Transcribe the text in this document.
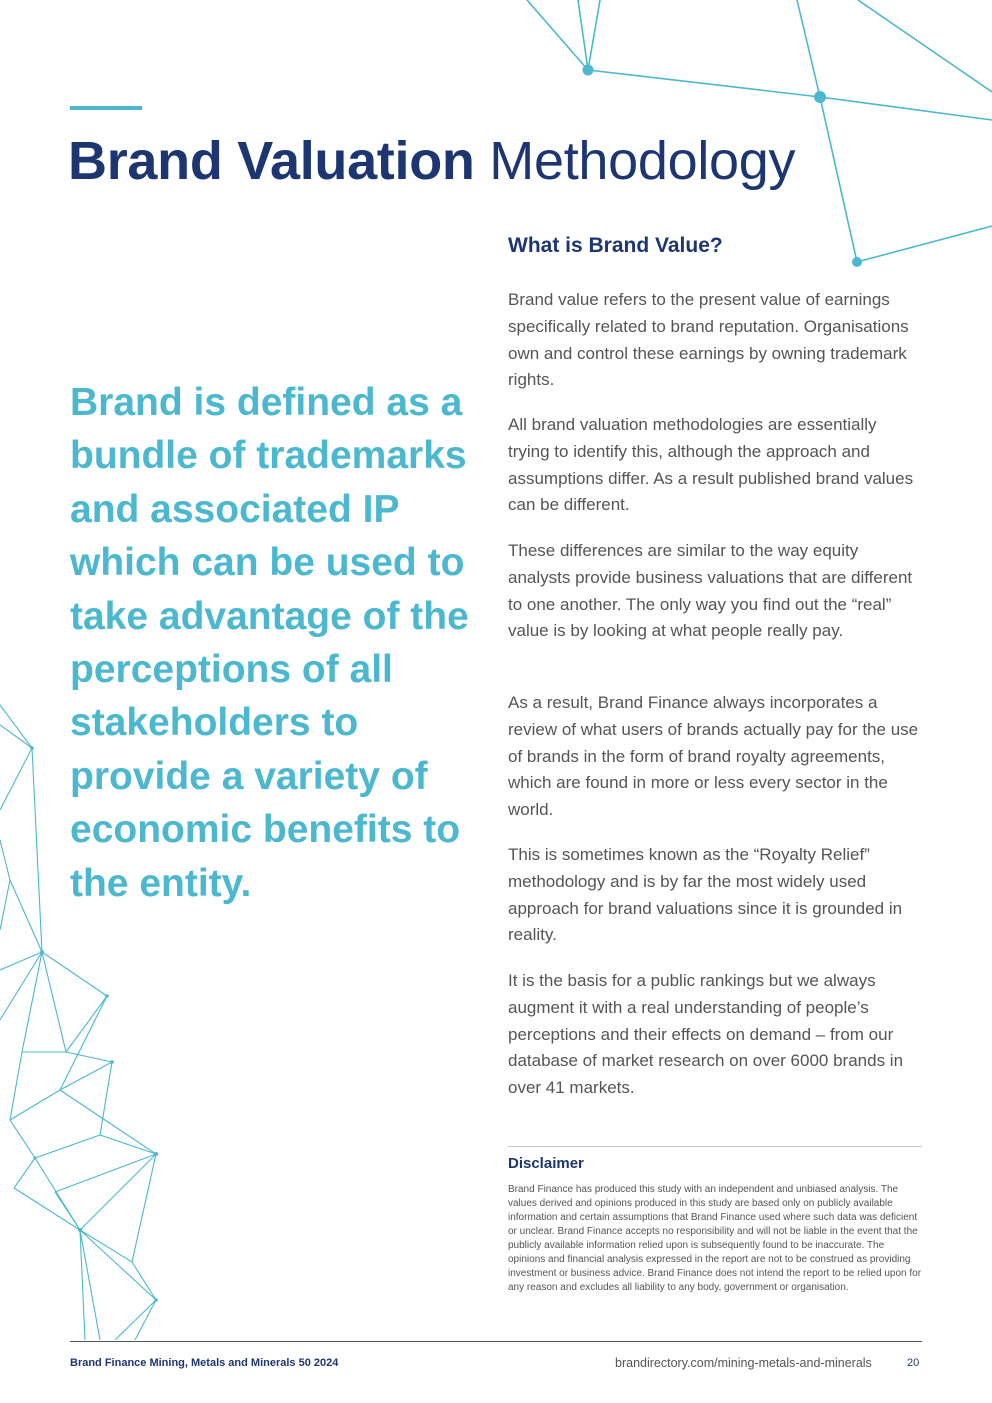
Brand Valuation Methodology

Brand is defined as a bundle of trademarks and associated IP which can be used to take advantage of the perceptions of all stakeholders to provide a variety of economic benefits to the entity.

What is Brand Value?

Brand value refers to the present value of earnings specifically related to brand reputation. Organisations own and control these earnings by owning trademark rights.

All brand valuation methodologies are essentially trying to identify this, although the approach and assumptions differ. As a result published brand values can be different.

These differences are similar to the way equity analysts provide business valuations that are different to one another. The only way you find out the “real” value is by looking at what people really pay.

As a result, Brand Finance always incorporates a review of what users of brands actually pay for the use of brands in the form of brand royalty agreements, which are found in more or less every sector in the world.

This is sometimes known as the “Royalty Relief” methodology and is by far the most widely used approach for brand valuations since it is grounded in reality.

It is the basis for a public rankings but we always augment it with a real understanding of people’s perceptions and their effects on demand – from our database of market research on over 6000 brands in over 41 markets.

Disclaimer

Brand Finance has produced this study with an independent and unbiased analysis. The values derived and opinions produced in this study are based only on publicly available information and certain assumptions that Brand Finance used where such data was deficient or unclear. Brand Finance accepts no responsibility and will not be liable in the event that the publicly available information relied upon is subsequently found to be inaccurate. The opinions and financial analysis expressed in the report are not to be construed as providing investment or business advice. Brand Finance does not intend the report to be relied upon for any reason and excludes all liability to any body, government or organisation.

Brand Finance Mining, Metals and Minerals 50 2024	brandirectory.com/mining-metals-and-minerals	20
